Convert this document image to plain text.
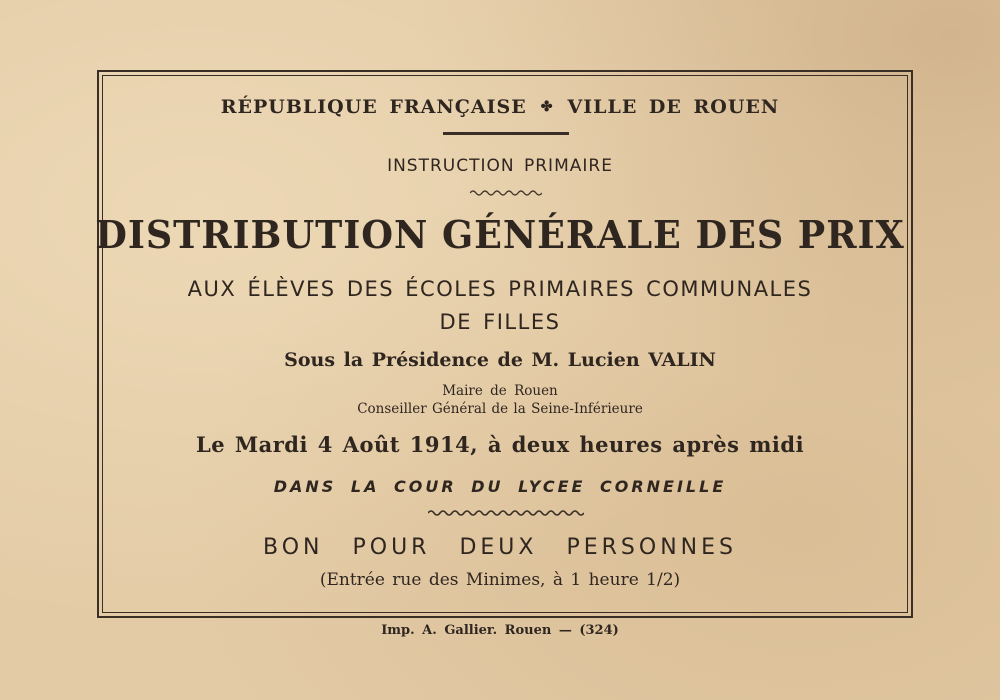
RÉPUBLIQUE FRANÇAISE ✤ VILLE DE ROUEN
INSTRUCTION PRIMAIRE
DISTRIBUTION GÉNÉRALE DES PRIX
AUX ÉLÈVES DES ÉCOLES PRIMAIRES COMMUNALES
DE FILLES
Sous la Présidence de M. Lucien VALIN
Maire de Rouen
Conseiller Général de la Seine-Inférieure
Le Mardi 4 Août 1914, à deux heures après midi
DANS LA COUR DU LYCEE CORNEILLE
BON POUR DEUX PERSONNES
(Entrée rue des Minimes, à 1 heure 1/2)
Imp. A. Gallier. Rouen — (324)
